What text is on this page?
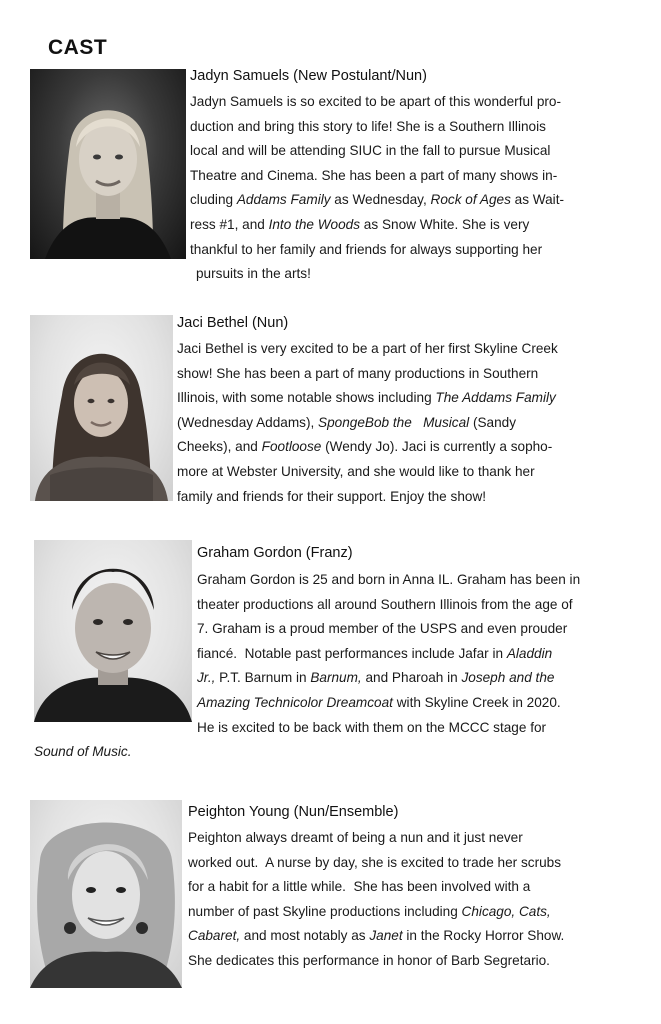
CAST
Jadyn Samuels (New Postulant/Nun)
Jadyn Samuels is so excited to be apart of this wonderful pro-
duction and bring this story to life! She is a Southern Illinois
local and will be attending SIUC in the fall to pursue Musical
Theatre and Cinema. She has been a part of many shows in-
cluding Addams Family as Wednesday, Rock of Ages as Wait-
ress #1, and Into the Woods as Snow White. She is very
thankful to her family and friends for always supporting her
pursuits in the arts!
Jaci Bethel (Nun)
Jaci Bethel is very excited to be a part of her first Skyline Creek
show! She has been a part of many productions in Southern
Illinois, with some notable shows including The Addams Family
(Wednesday Addams), SpongeBob the   Musical (Sandy
Cheeks), and Footloose (Wendy Jo). Jaci is currently a sopho-
more at Webster University, and she would like to thank her
family and friends for their support. Enjoy the show!
Graham Gordon (Franz)
Graham Gordon is 25 and born in Anna IL. Graham has been in
theater productions all around Southern Illinois from the age of
7. Graham is a proud member of the USPS and even prouder
fiancé.  Notable past performances include Jafar in Aladdin
Jr., P.T. Barnum in Barnum, and Pharoah in Joseph and the
Amazing Technicolor Dreamcoat with Skyline Creek in 2020.
He is excited to be back with them on the MCCC stage for
Sound of Music.
Peighton Young (Nun/Ensemble)
Peighton always dreamt of being a nun and it just never
worked out.  A nurse by day, she is excited to trade her scrubs
for a habit for a little while.  She has been involved with a
number of past Skyline productions including Chicago, Cats,
Cabaret, and most notably as Janet in the Rocky Horror Show.
She dedicates this performance in honor of Barb Segretario.
